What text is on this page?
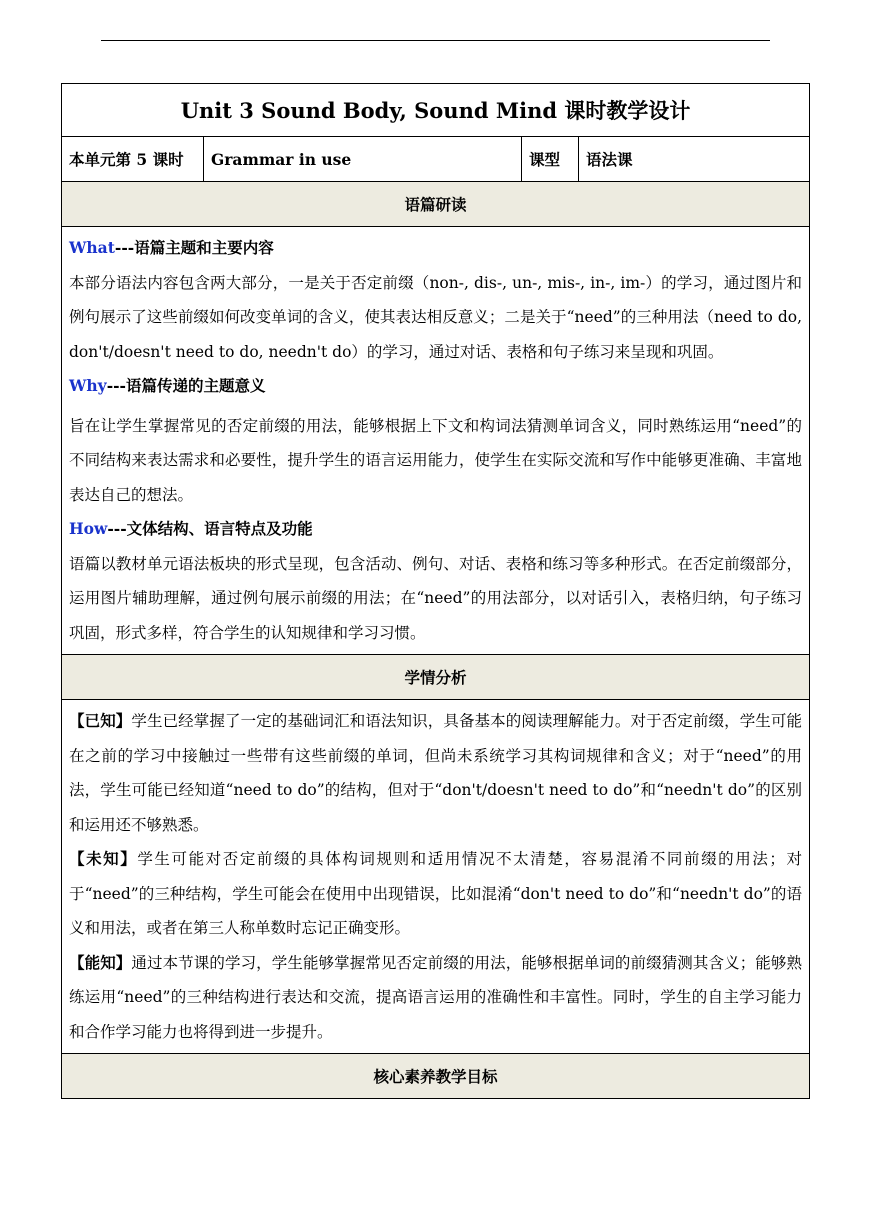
Unit 3 Sound Body, Sound Mind 课时教学设计
本单元第 5 课时	Grammar in use	课型	语法课
语篇研读

What---语篇主题和主要内容

本部分语法内容包含两大部分，一是关于否定前缀（non-, dis-, un-, mis-, in-, im-）的学习，通过图片和例句展示了这些前缀如何改变单词的含义，使其表达相反意义；二是关于“need”的三种用法（need to do, don't/doesn't need to do, needn't do）的学习，通过对话、表格和句子练习来呈现和巩固。

Why---语篇传递的主题意义

旨在让学生掌握常见的否定前缀的用法，能够根据上下文和构词法猜测单词含义，同时熟练运用“need”的不同结构来表达需求和必要性，提升学生的语言运用能力，使学生在实际交流和写作中能够更准确、丰富地表达自己的想法。

How---文体结构、语言特点及功能

语篇以教材单元语法板块的形式呈现，包含活动、例句、对话、表格和练习等多种形式。在否定前缀部分，运用图片辅助理解，通过例句展示前缀的用法；在“need”的用法部分，以对话引入，表格归纳，句子练习巩固，形式多样，符合学生的认知规律和学习习惯。

学情分析

【已知】学生已经掌握了一定的基础词汇和语法知识，具备基本的阅读理解能力。对于否定前缀，学生可能在之前的学习中接触过一些带有这些前缀的单词，但尚未系统学习其构词规律和含义；对于“need”的用法，学生可能已经知道“need to do”的结构，但对于“don't/doesn't need to do”和“needn't do”的区别和运用还不够熟悉。

【未知】学生可能对否定前缀的具体构词规则和适用情况不太清楚，容易混淆不同前缀的用法；对于“need”的三种结构，学生可能会在使用中出现错误，比如混淆“don't need to do”和“needn't do”的语义和用法，或者在第三人称单数时忘记正确变形。

【能知】通过本节课的学习，学生能够掌握常见否定前缀的用法，能够根据单词的前缀猜测其含义；能够熟练运用“need”的三种结构进行表达和交流，提高语言运用的准确性和丰富性。同时，学生的自主学习能力和合作学习能力也将得到进一步提升。

核心素养教学目标
